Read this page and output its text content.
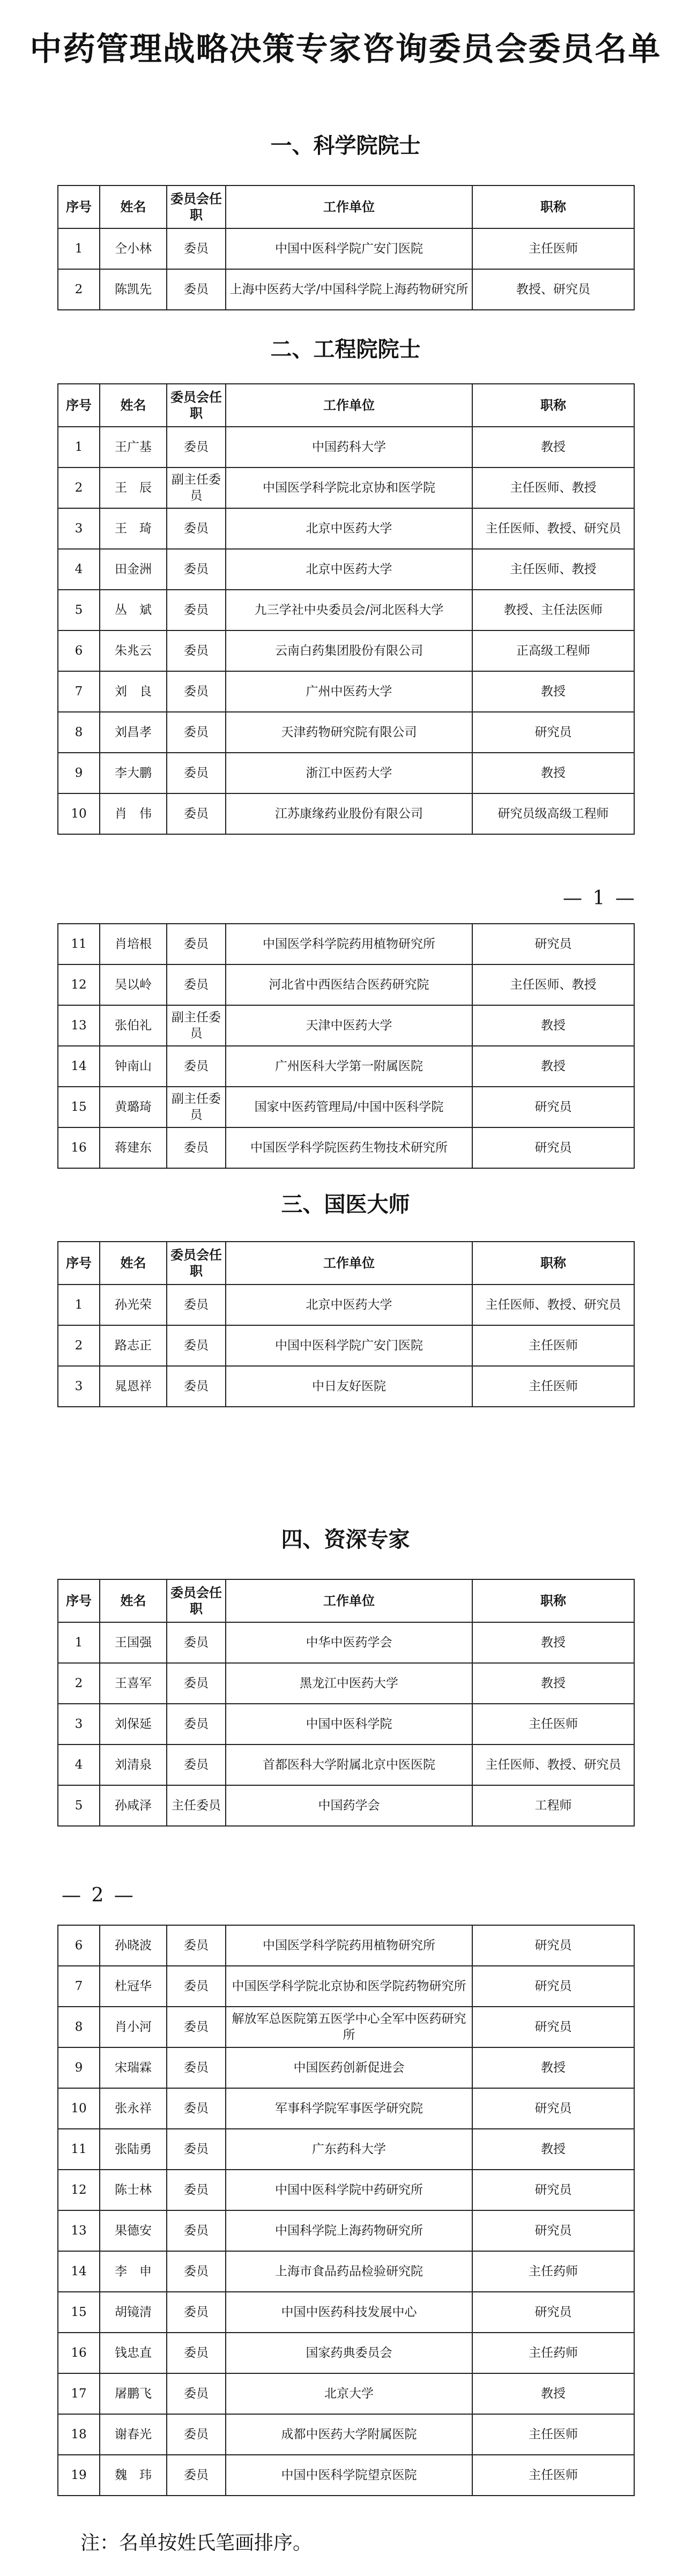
中药管理战略决策专家咨询委员会委员名单
一、科学院院士
序号	姓名	委员会任职	工作单位	职称
1	仝小林	委员	中国中医科学院广安门医院	主任医师
2	陈凯先	委员	上海中医药大学/中国科学院上海药物研究所	教授、研究员
二、工程院院士
序号	姓名	委员会任职	工作单位	职称
1	王广基	委员	中国药科大学	教授
2	王　辰	副主任委员	中国医学科学院北京协和医学院	主任医师、教授
3	王　琦	委员	北京中医药大学	主任医师、教授、研究员
4	田金洲	委员	北京中医药大学	主任医师、教授
5	丛　斌	委员	九三学社中央委员会/河北医科大学	教授、主任法医师
6	朱兆云	委员	云南白药集团股份有限公司	正高级工程师
7	刘　良	委员	广州中医药大学	教授
8	刘昌孝	委员	天津药物研究院有限公司	研究员
9	李大鹏	委员	浙江中医药大学	教授
10	肖　伟	委员	江苏康缘药业股份有限公司	研究员级高级工程师
— 1 —
11	肖培根	委员	中国医学科学院药用植物研究所	研究员
12	吴以岭	委员	河北省中西医结合医药研究院	主任医师、教授
13	张伯礼	副主任委员	天津中医药大学	教授
14	钟南山	委员	广州医科大学第一附属医院	教授
15	黄璐琦	副主任委员	国家中医药管理局/中国中医科学院	研究员
16	蒋建东	委员	中国医学科学院医药生物技术研究所	研究员
三、国医大师
序号	姓名	委员会任职	工作单位	职称
1	孙光荣	委员	北京中医药大学	主任医师、教授、研究员
2	路志正	委员	中国中医科学院广安门医院	主任医师
3	晁恩祥	委员	中日友好医院	主任医师
四、资深专家
序号	姓名	委员会任职	工作单位	职称
1	王国强	委员	中华中医药学会	教授
2	王喜军	委员	黑龙江中医药大学	教授
3	刘保延	委员	中国中医科学院	主任医师
4	刘清泉	委员	首都医科大学附属北京中医医院	主任医师、教授、研究员
5	孙咸泽	主任委员	中国药学会	工程师
— 2 —
6	孙晓波	委员	中国医学科学院药用植物研究所	研究员
7	杜冠华	委员	中国医学科学院北京协和医学院药物研究所	研究员
8	肖小河	委员	解放军总医院第五医学中心全军中医药研究所	研究员
9	宋瑞霖	委员	中国医药创新促进会	教授
10	张永祥	委员	军事科学院军事医学研究院	研究员
11	张陆勇	委员	广东药科大学	教授
12	陈士林	委员	中国中医科学院中药研究所	研究员
13	果德安	委员	中国科学院上海药物研究所	研究员
14	李　申	委员	上海市食品药品检验研究院	主任药师
15	胡镜清	委员	中国中医药科技发展中心	研究员
16	钱忠直	委员	国家药典委员会	主任药师
17	屠鹏飞	委员	北京大学	教授
18	谢春光	委员	成都中医药大学附属医院	主任医师
19	魏　玮	委员	中国中医科学院望京医院	主任医师
注：名单按姓氏笔画排序。
